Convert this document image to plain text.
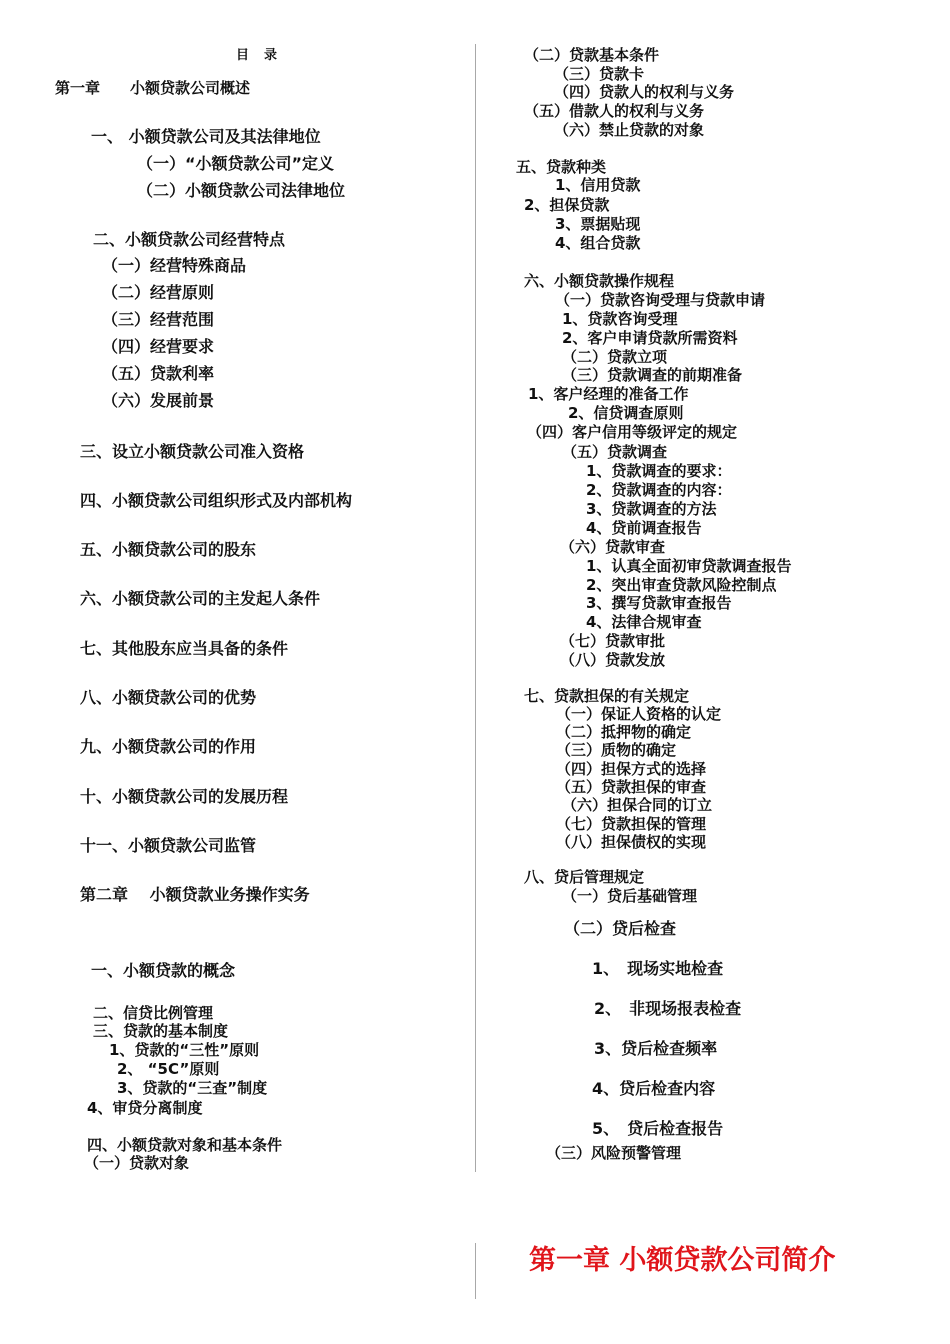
目　录
第一章　　小额贷款公司概述
一、 小额贷款公司及其法律地位
（一）“小额贷款公司”定义
（二）小额贷款公司法律地位
二、小额贷款公司经营特点
（一）经营特殊商品
（二）经营原则
（三）经营范围
（四）经营要求
（五）贷款利率
（六）发展前景
三、设立小额贷款公司准入资格
四、小额贷款公司组织形式及内部机构
五、小额贷款公司的股东
六、小额贷款公司的主发起人条件
七、其他股东应当具备的条件
八、小额贷款公司的优势
九、小额贷款公司的作用
十、小额贷款公司的发展历程
十一、小额贷款公司监管
第二章　 小额贷款业务操作实务
一、小额贷款的概念
二、信贷比例管理
三、贷款的基本制度
1、贷款的“三性”原则
2、 “5C”原则
3、贷款的“三查”制度
4、审贷分离制度
四、小额贷款对象和基本条件
（一）贷款对象
（二）贷款基本条件
（三）贷款卡
（四）贷款人的权利与义务
（五）借款人的权利与义务
（六）禁止贷款的对象
五、贷款种类
1、信用贷款
2、担保贷款
3、票据贴现
4、组合贷款
六、小额贷款操作规程
（一）贷款咨询受理与贷款申请
1、贷款咨询受理
2、客户申请贷款所需资料
（二）贷款立项
（三）贷款调查的前期准备
1、客户经理的准备工作
2、信贷调查原则
（四）客户信用等级评定的规定
（五）贷款调查
1、贷款调查的要求：
2、贷款调查的内容：
3、贷款调查的方法
4、贷前调查报告
（六）贷款审查
1、认真全面初审贷款调查报告
2、突出审查贷款风险控制点
3、撰写贷款审查报告
4、法律合规审查
（七）贷款审批
（八）贷款发放
七、贷款担保的有关规定
（一）保证人资格的认定
（二）抵押物的确定
（三）质物的确定
（四）担保方式的选择
（五）贷款担保的审查
（六）担保合同的订立
（七）贷款担保的管理
（八）担保债权的实现
八、贷后管理规定
（一）贷后基础管理
（二）贷后检查
1、　现场实地检查
2、　非现场报表检查
3、贷后检查频率
4、贷后检查内容
5、　贷后检查报告
（三）风险预警管理
第一章 小额贷款公司简介
